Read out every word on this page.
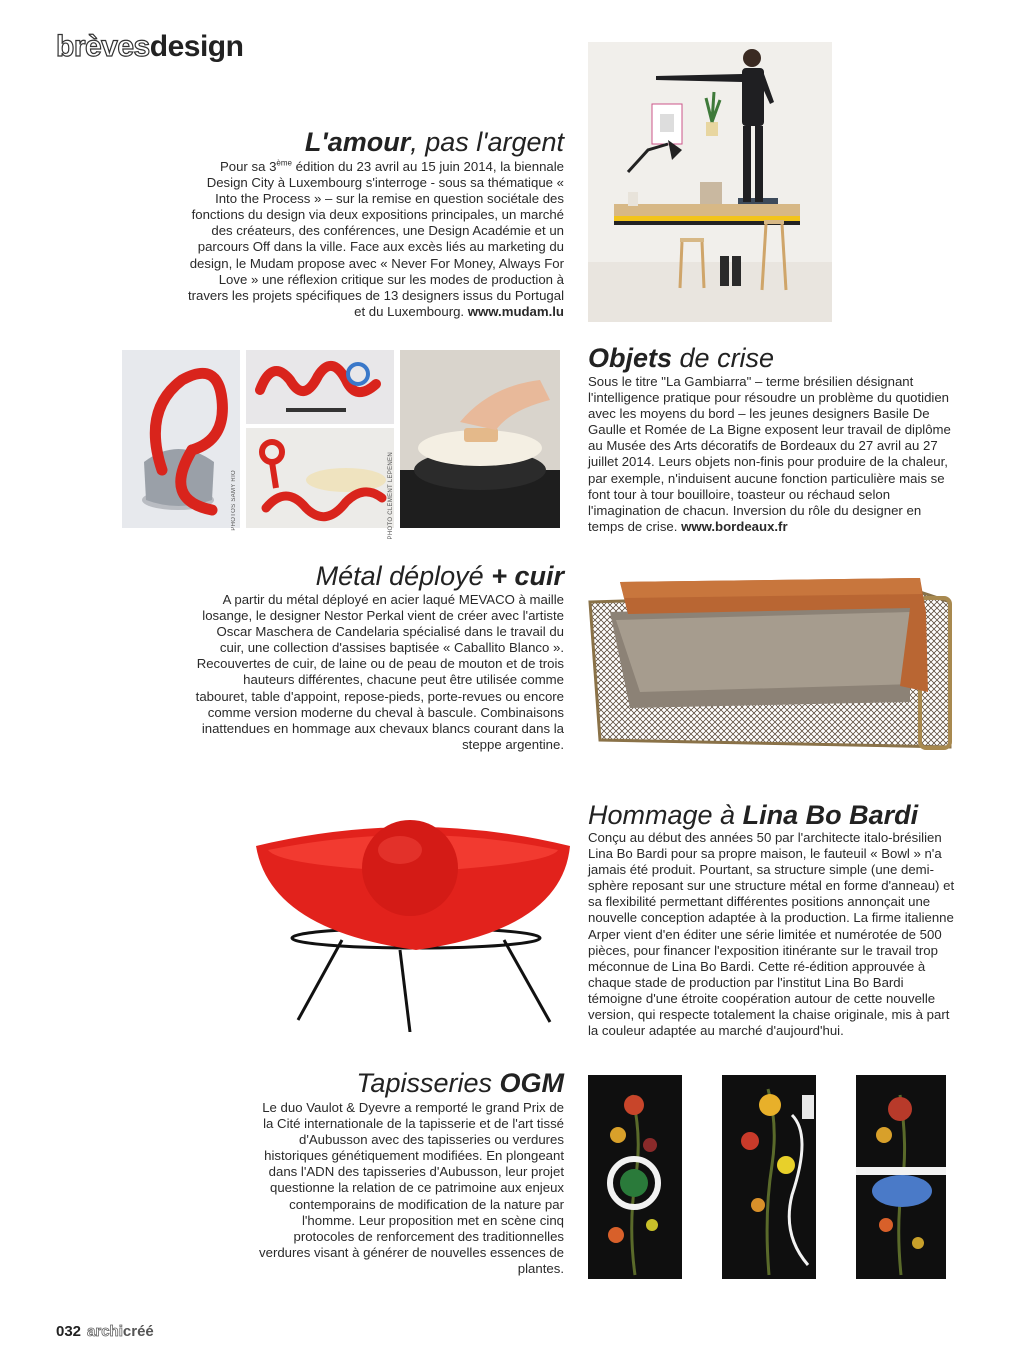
brèvesdesign
L'amour, pas l'argent
Pour sa 3ème édition du 23 avril au 15 juin 2014, la biennale Design City à Luxembourg s'interroge - sous sa thématique « Into the Process » – sur la remise en question sociétale des fonctions du design via deux expositions principales, un marché des créateurs, des conférences, une Design Académie et un parcours Off dans la ville. Face aux excès liés au marketing du design, le Mudam propose avec « Never For Money, Always For Love » une réflexion critique sur les modes de production à travers les projets spécifiques de 13 designers issus du Portugal et du Luxembourg. www.mudam.lu
PHOTOS SAMY RIO	PHOTO CLÉMENT LEPENEN
Objets de crise
Sous le titre "La Gambiarra" – terme brésilien désignant l'intelligence pratique pour résoudre un problème du quotidien avec les moyens du bord – les jeunes designers Basile De Gaulle et Romée de La Bigne exposent leur travail de diplôme au Musée des Arts décoratifs de Bordeaux du 27 avril au 27 juillet 2014. Leurs objets non-finis pour produire de la chaleur, par exemple, n'induisent aucune fonction particulière mais se font tour à tour bouilloire, toasteur ou réchaud selon l'imagination de chacun. Inversion du rôle du designer en temps de crise. www.bordeaux.fr
Métal déployé + cuir
A partir du métal déployé en acier laqué MEVACO à maille losange, le designer Nestor Perkal vient de créer avec l'artiste Oscar Maschera de Candelaria spécialisé dans le travail du cuir, une collection d'assises baptisée « Caballito Blanco ». Recouvertes de cuir, de laine ou de peau de mouton et de trois hauteurs différentes, chacune peut être utilisée comme tabouret, table d'appoint, repose-pieds, porte-revues ou encore comme version moderne du cheval à bascule. Combinaisons inattendues en hommage aux chevaux blancs courant dans la steppe argentine.
Hommage à Lina Bo Bardi
Conçu au début des années 50 par l'architecte italo-brésilien Lina Bo Bardi pour sa propre maison, le fauteuil « Bowl » n'a jamais été produit. Pourtant, sa structure simple (une demi-sphère reposant sur une structure métal en forme d'anneau) et sa flexibilité permettant différentes positions annonçait une nouvelle conception adaptée à la production. La firme italienne Arper vient d'en éditer une série limitée et numérotée de 500 pièces, pour financer l'exposition itinérante sur le travail trop méconnue de Lina Bo Bardi. Cette ré-édition approuvée à chaque stade de production par l'institut Lina Bo Bardi témoigne d'une étroite coopération autour de cette nouvelle version, qui respecte totalement la chaise originale, mis à part la couleur adaptée au marché d'aujourd'hui.
Tapisseries OGM
Le duo Vaulot & Dyevre a remporté le grand Prix de la Cité internationale de la tapisserie et de l'art tissé d'Aubusson avec des tapisseries ou verdures historiques génétiquement modifiées. En plongeant dans l'ADN des tapisseries d'Aubusson, leur projet questionne la relation de ce patrimoine aux enjeux contemporains de modification de la nature par l'homme. Leur proposition met en scène cinq protocoles de renforcement des traditionnelles verdures visant à générer de nouvelles essences de plantes.
032 archicréé
